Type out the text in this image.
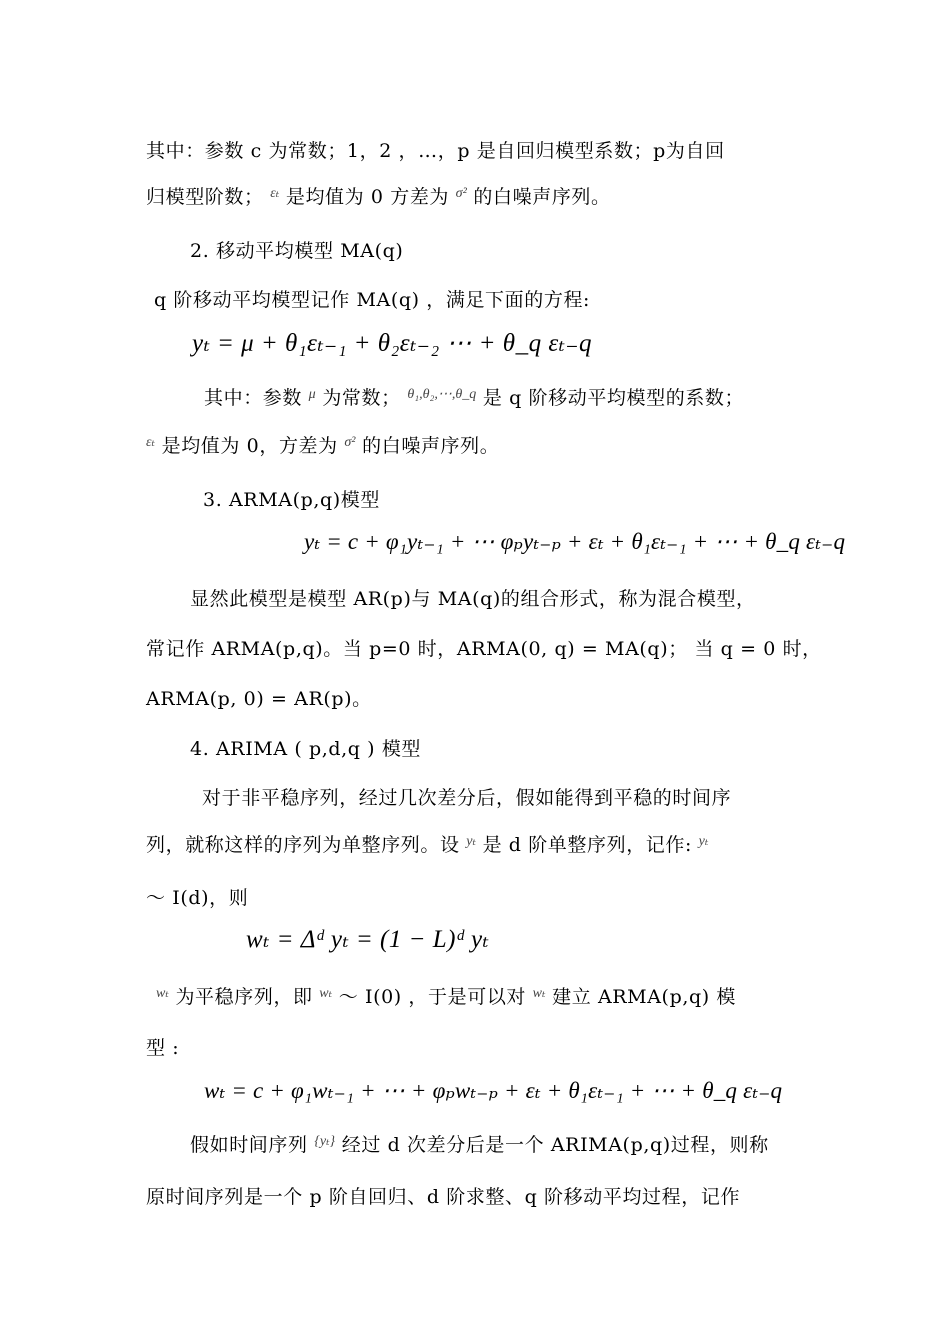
其中：参数 c 为常数；1，2 ，…，p 是自回归模型系数；p为自回
归模型阶数； $^{\varepsilon_t}$ 是均值为 0 方差为 $^{\sigma^2}$ 的白噪声序列。
2. 移动平均模型 MA(q)
q 阶移动平均模型记作 MA(q) ，满足下面的方程:
yₜ = μ + θ₁εₜ₋₁ + θ₂εₜ₋₂ ⋯ + θ_q εₜ₋q
其中：参数 $^\mu$ 为常数； $^{\theta_1,\theta_2,\cdots,\theta\_q}$ 是 q 阶移动平均模型的系数；
$^{\varepsilon_t}$ 是均值为 0，方差为 $^{\sigma^2}$ 的白噪声序列。
3. ARMA(p,q)模型
yₜ = c + φ₁yₜ₋₁ + ⋯ φₚyₜ₋ₚ + εₜ + θ₁εₜ₋₁ + ⋯ + θ_q εₜ₋q
显然此模型是模型 AR(p)与 MA(q)的组合形式，称为混合模型，
常记作 ARMA(p,q)。当 p=0 时，ARMA(0, q) = MA(q)； 当 q = 0 时，
ARMA(p, 0) = AR(p)。
4. ARIMA ( p,d,q ) 模型
对于非平稳序列，经过几次差分后，假如能得到平稳的时间序
列，就称这样的序列为单整序列。设 $^{y_t}$ 是 d 阶单整序列，记作: $^{y_t}$
～ I(d)，则
wₜ = Δᵈ yₜ = (1 − L)ᵈ yₜ
$^{w_t}$ 为平稳序列，即 $^{w_t}$ ～ I(0) ，于是可以对 $^{w_t}$ 建立 ARMA(p,q) 模
型 :
wₜ = c + φ₁wₜ₋₁ + ⋯ + φₚwₜ₋ₚ + εₜ + θ₁εₜ₋₁ + ⋯ + θ_q εₜ₋q
假如时间序列 $^{\{y_t\}}$ 经过 d 次差分后是一个 ARIMA(p,q)过程，则称
原时间序列是一个 p 阶自回归、d 阶求整、q 阶移动平均过程，记作
